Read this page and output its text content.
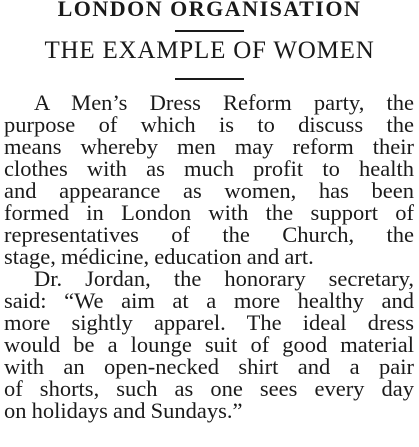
LONDON ORGANISATION
THE EXAMPLE OF WOMEN
A Men’s Dress Reform party, the
purpose of which is to discuss the
means whereby men may reform their
clothes with as much profit to health
and appearance as women, has been
formed in London with the support of
representatives of the Church, the
stage, médicine, education and art.
Dr. Jordan, the honorary secretary,
said: “We aim at a more healthy and
more sightly apparel. The ideal dress
would be a lounge suit of good material
with an open-necked shirt and a pair
of shorts, such as one sees every day
on holidays and Sundays.”
